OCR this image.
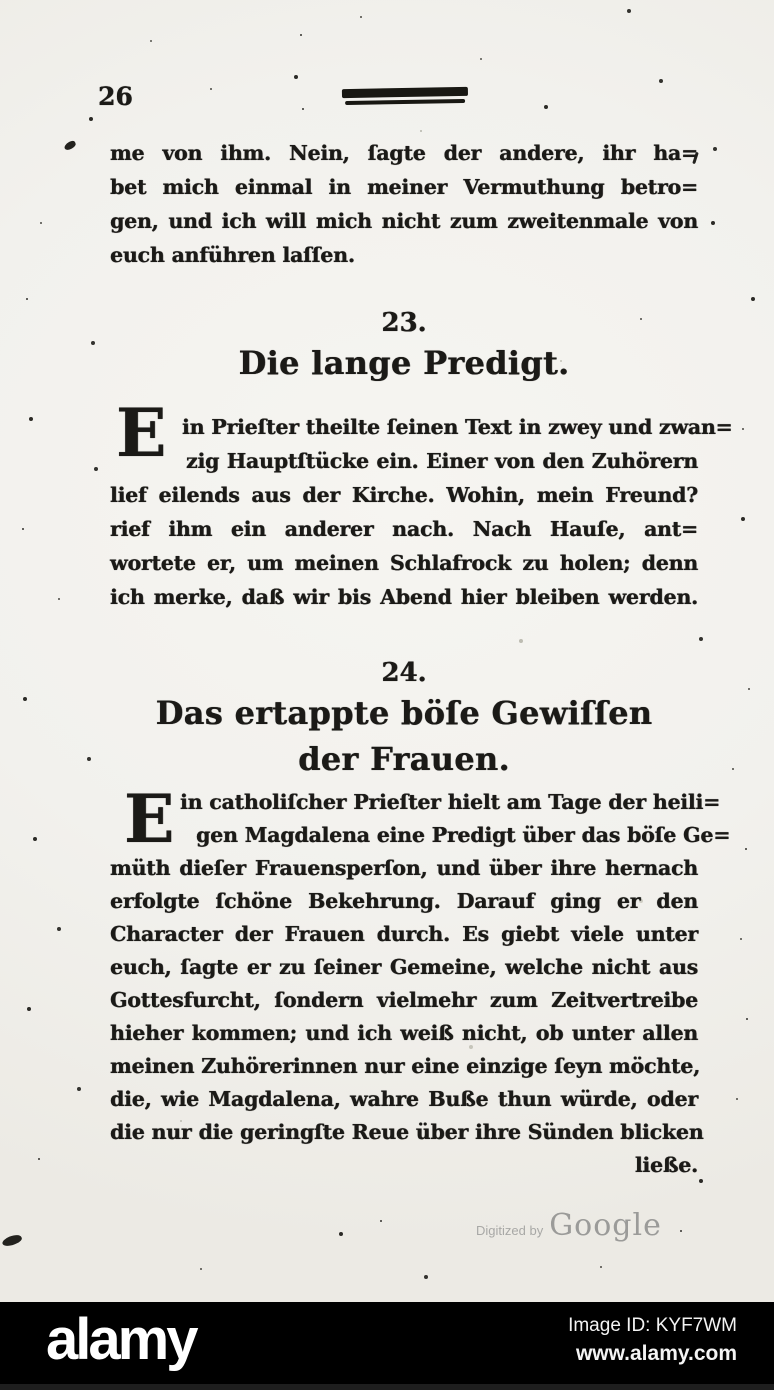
26
me von ihm. Nein, ſagte der andere, ihr ha=
bet mich einmal in meiner Vermuthung betro=
gen, und ich will mich nicht zum zweitenmale von
euch anführen laſſen.
23.
Die lange Predigt.
E in Prieſter theilte ſeinen Text in zwey und zwan=
zig Hauptſtücke ein. Einer von den Zuhörern
lief eilends aus der Kirche. Wohin, mein Freund?
rief ihm ein anderer nach. Nach Hauſe, ant=
wortete er, um meinen Schlafrock zu holen; denn
ich merke, daß wir bis Abend hier bleiben werden.
24.
Das ertappte böſe Gewiſſen
der Frauen.
E in catholiſcher Prieſter hielt am Tage der heili=
gen Magdalena eine Predigt über das böſe Ge=
müth dieſer Frauensperſon, und über ihre hernach
erfolgte ſchöne Bekehrung. Darauf ging er den
Character der Frauen durch. Es giebt viele unter
euch, ſagte er zu ſeiner Gemeine, welche nicht aus
Gottesfurcht, ſondern vielmehr zum Zeitvertreibe
hieher kommen; und ich weiß nicht, ob unter allen
meinen Zuhörerinnen nur eine einzige ſeyn möchte,
die, wie Magdalena, wahre Buße thun würde, oder
die nur die geringſte Reue über ihre Sünden blicken
ließe.
Digitized by Google
alamy	Image ID: KYF7WM
www.alamy.com
